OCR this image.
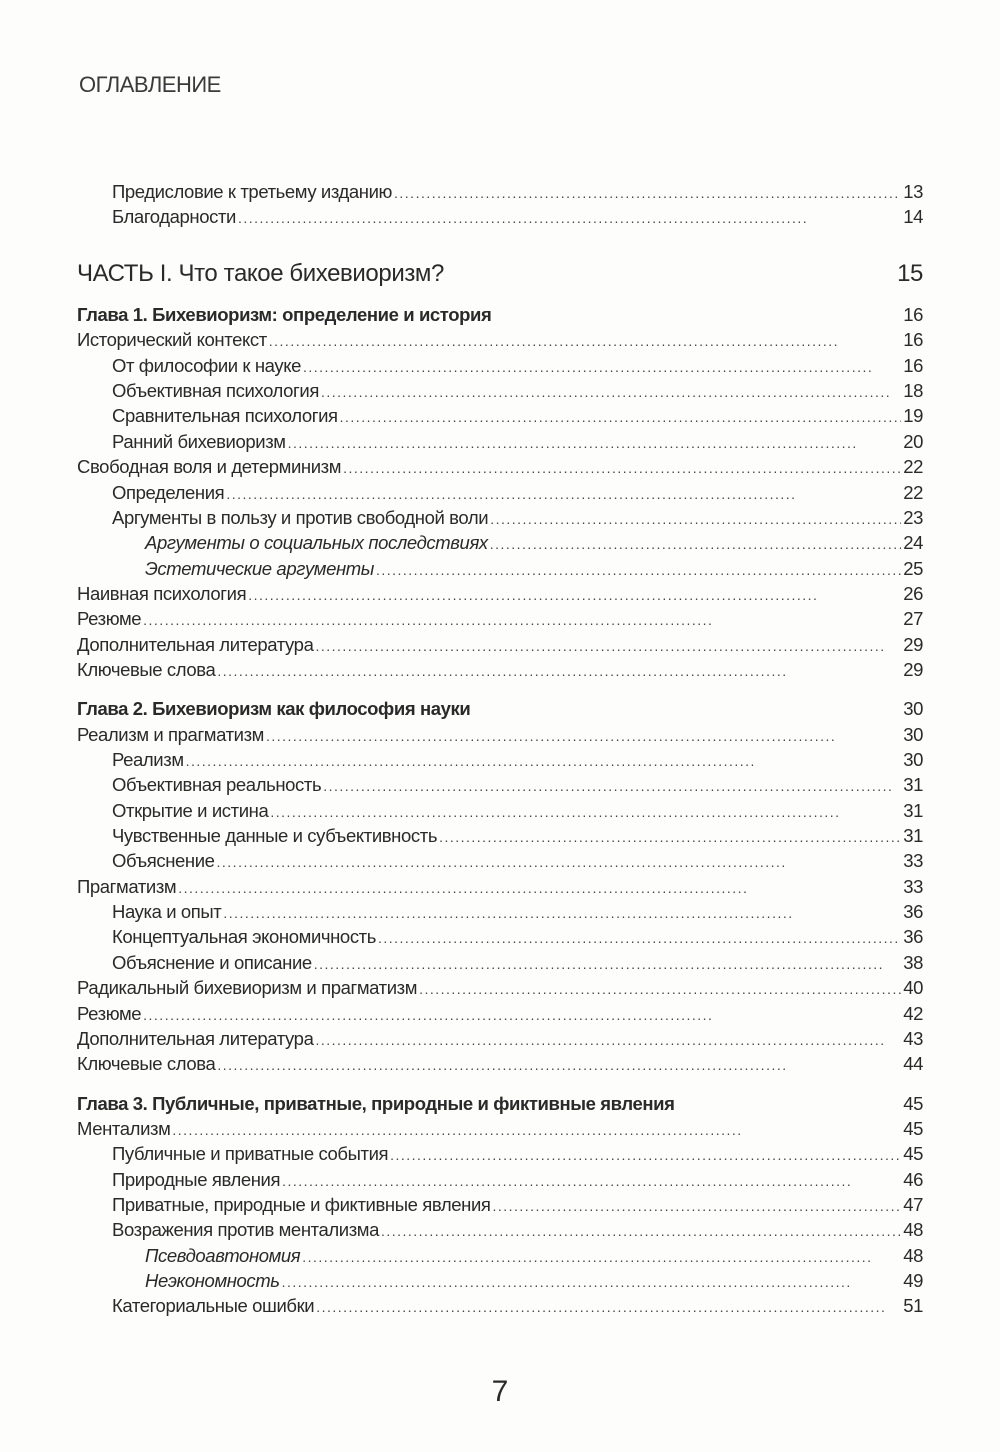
ОГЛАВЛЕНИЕ
Предисловие к третьему изданию . . .	13
Благодарности . . .	14
ЧАСТЬ I. Что такое бихевиоризм?	15
Глава 1. Бихевиоризм: определение и история	16
Исторический контекст . . .	16
От философии к науке . . .	16
Объективная психология . . .	18
Сравнительная психология . . .	19
Ранний бихевиоризм . . .	20
Свободная воля и детерминизм . . .	22
Определения . . .	22
Аргументы в пользу и против свободной воли . . .	23
Аргументы о социальных последствиях . . .	24
Эстетические аргументы . . .	25
Наивная психология . . .	26
Резюме . . .	27
Дополнительная литература . . .	29
Ключевые слова . . .	29
Глава 2. Бихевиоризм как философия науки	30
Реализм и прагматизм . . .	30
Реализм . . .	30
Объективная реальность . . .	31
Открытие и истина . . .	31
Чувственные данные и субъективность . . .	31
Объяснение . . .	33
Прагматизм . . .	33
Наука и опыт . . .	36
Концептуальная экономичность . . .	36
Объяснение и описание . . .	38
Радикальный бихевиоризм и прагматизм . . .	40
Резюме . . .	42
Дополнительная литература . . .	43
Ключевые слова . . .	44
Глава 3. Публичные, приватные, природные и фиктивные явления	45
Ментализм . . .	45
Публичные и приватные события . . .	45
Природные явления . . .	46
Приватные, природные и фиктивные явления . . .	47
Возражения против ментализма . . .	48
Псевдоавтономия . . .	48
Неэкономность . . .	49
Категориальные ошибки . . .	51
7
